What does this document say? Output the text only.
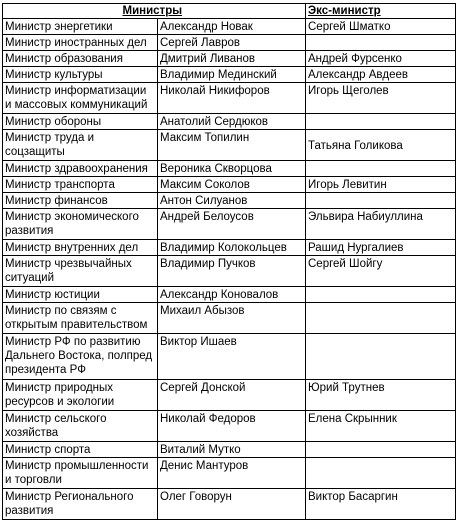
	Министры	Экс-министр
Министр энергетики	Александр Новак	Сергей Шматко
Министр иностранных дел	Сергей Лавров	
Министр образования	Дмитрий Ливанов	Андрей Фурсенко
Министр культуры	Владимир Мединский	Александр Авдеев
Министр информатизации и массовых коммуникаций	Николай Никифоров	Игорь Щеголев
Министр обороны	Анатолий Сердюков	
Министр труда и соцзащиты	Максим Топилин	Татьяна Голикова
Министр здравоохранения	Вероника Скворцова	
Министр транспорта	Максим Соколов	Игорь Левитин
Министр финансов	Антон Силуанов	
Министр экономического развития	Андрей Белоусов	Эльвира Набиуллина
Министр внутренних дел	Владимир Колокольцев	Рашид Нургалиев
Министр чрезвычайных ситуаций	Владимир Пучков	Сергей Шойгу
Министр юстиции	Александр Коновалов	
Министр по связям с открытым правительством	Михаил Абызов	
Министр РФ по развитию Дальнего Востока, полпред президента РФ	Виктор Ишаев	
Министр природных ресурсов и экологии	Сергей Донской	Юрий Трутнев
Министр сельского хозяйства	Николай Федоров	Елена Скрынник
Министр спорта	Виталий Мутко	
Министр промышленности и торговли	Денис Мантуров	
Министр Регионального развития	Олег Говорун	Виктор Басаргин
